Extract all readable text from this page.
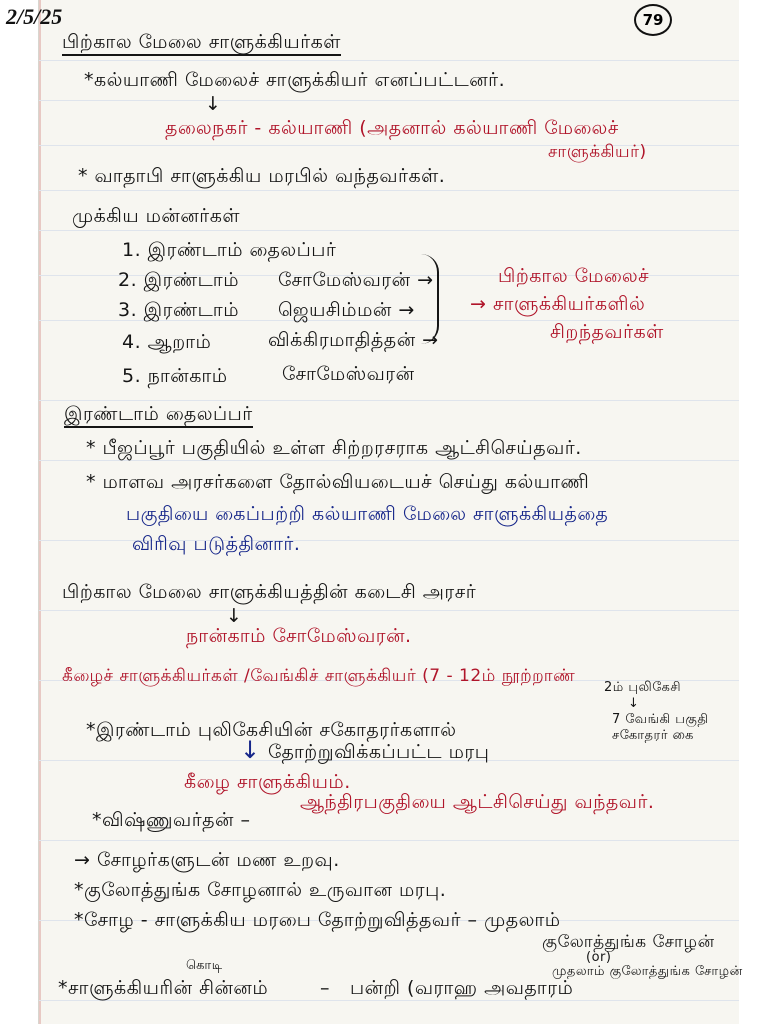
2/5/25	79
பிற்கால மேலை சாளுக்கியர்கள்
*கல்யாணி மேலைச் சாளுக்கியர் எனப்பட்டனர்.
↓
தலைநகர் - கல்யாணி (அதனால் கல்யாணி மேலைச்
சாளுக்கியர்)
* வாதாபி சாளுக்கிய மரபில் வந்தவர்கள்.
முக்கிய மன்னர்கள்
1. இரண்டாம் தைலப்பர்
2. இரண்டாம் சோமேஸ்வரன் →
3. இரண்டாம் ஜெயசிம்மன் →
4. ஆறாம்	விக்கிரமாதித்தன் →
5. நான்காம்	சோமேஸ்வரன்
பிற்கால மேலைச்
→ சாளுக்கியர்களில்
சிறந்தவர்கள்
இரண்டாம் தைலப்பர்
* பீஜப்பூர் பகுதியில் உள்ள சிற்றரசராக ஆட்சிசெய்தவர்.
* மாளவ அரசர்களை தோல்வியடையச் செய்து கல்யாணி
பகுதியை கைப்பற்றி கல்யாணி மேலை சாளுக்கியத்தை
விரிவு படுத்தினார்.
பிற்கால மேலை சாளுக்கியத்தின் கடைசி அரசர்
↓
நான்காம் சோமேஸ்வரன்.
கீழைச் சாளுக்கியர்கள் /வேங்கிச் சாளுக்கியர் (7 - 12ம் நூற்றாண்
2ம் புலிகேசி
↓
7 வேங்கி பகுதி
சகோதரர் கை
*இரண்டாம் புலிகேசியின் சகோதரர்களால்
↓ தோற்றுவிக்கப்பட்ட மரபு
கீழை சாளுக்கியம்.
*விஷ்ணுவர்தன் –
ஆந்திரபகுதியை ஆட்சிசெய்து வந்தவர்.
→ சோழர்களுடன் மண உறவு.
*குலோத்துங்க சோழனால் உருவான மரபு.
*சோழ - சாளுக்கிய மரபை தோற்றுவித்தவர் – முதலாம்
குலோத்துங்க சோழன்
(or)
முதலாம் குலோத்துங்க சோழன்
கொடி
*சாளுக்கியரின் சின்னம்	– பன்றி (வராஹ அவதாரம்
